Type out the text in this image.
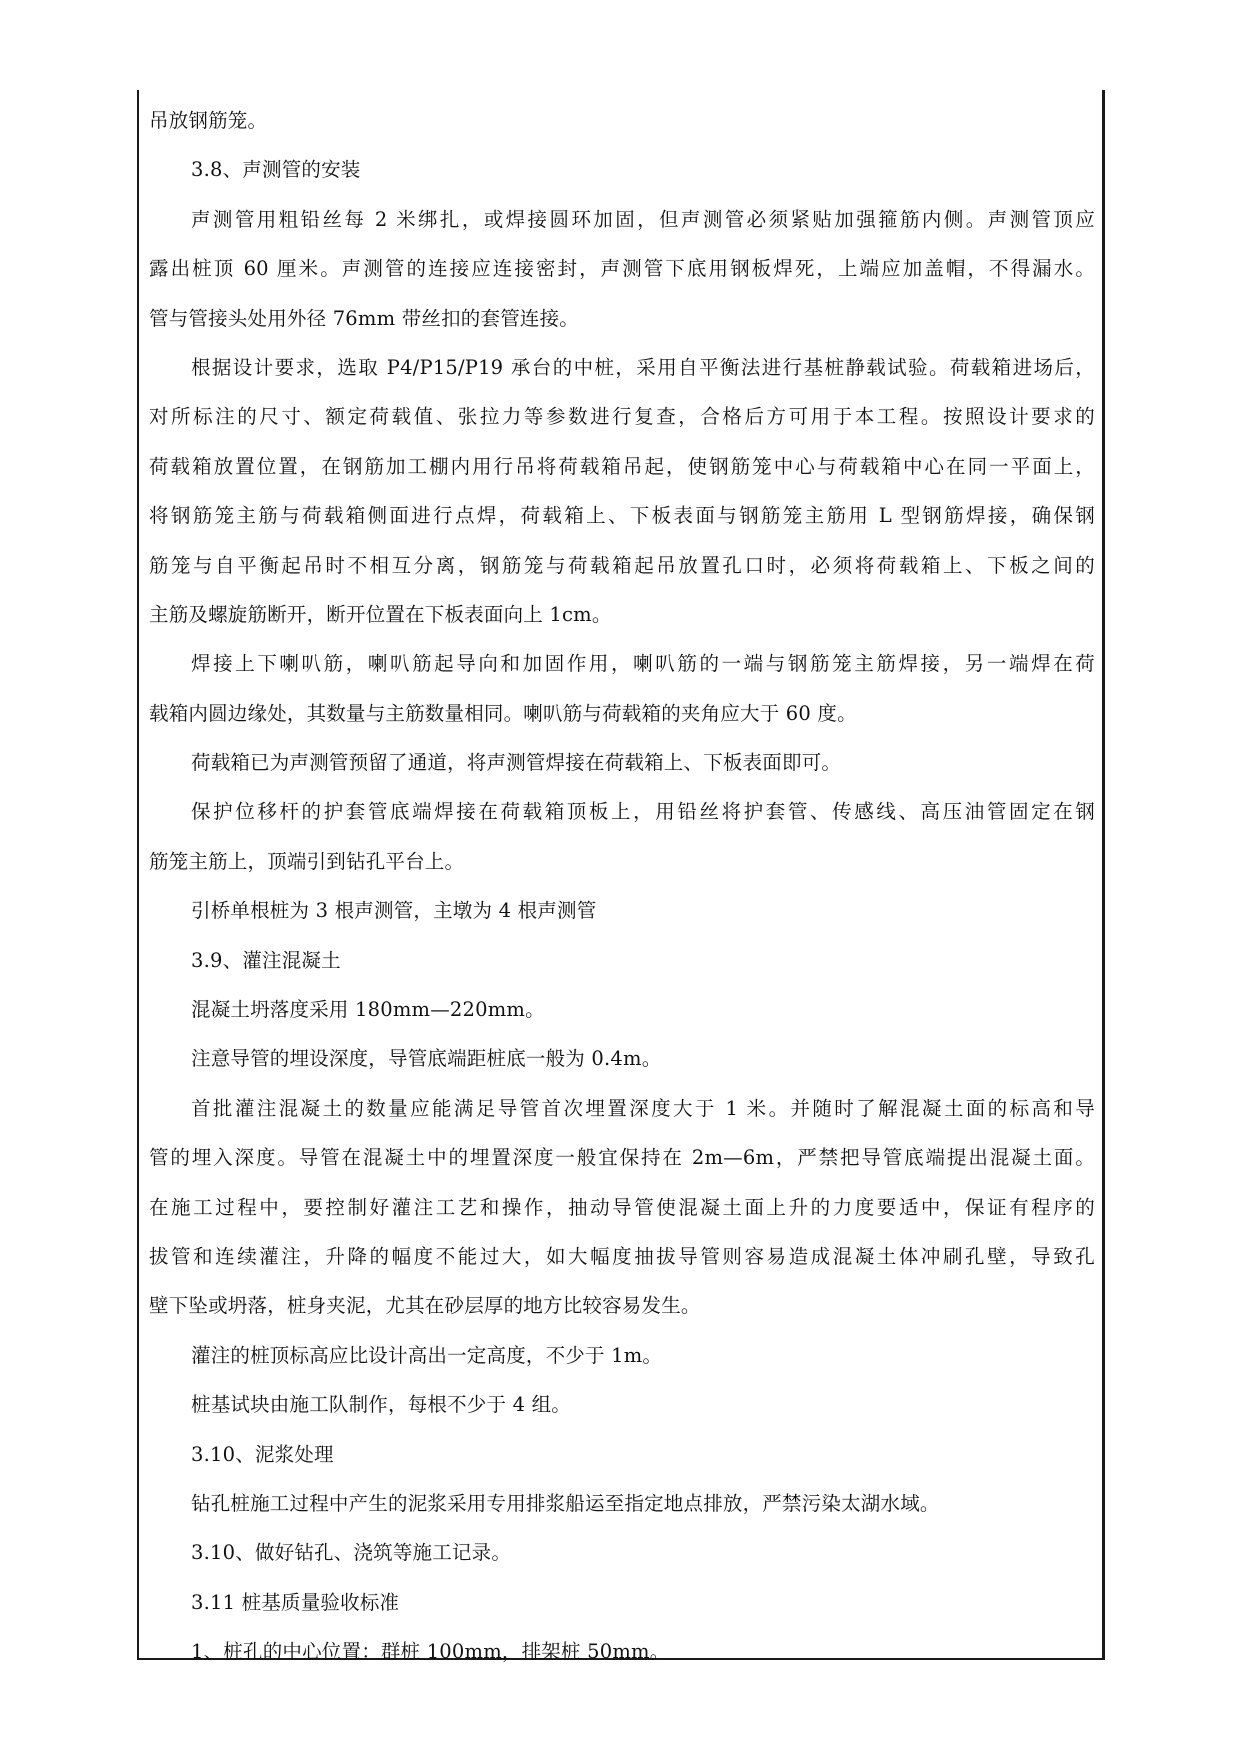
吊放钢筋笼。
3.8、声测管的安装
声测管用粗铅丝每 2 米绑扎，或焊接圆环加固，但声测管必须紧贴加强箍筋内侧。声测管顶应
露出桩顶 60 厘米。声测管的连接应连接密封，声测管下底用钢板焊死，上端应加盖帽，不得漏水。
管与管接头处用外径 76mm 带丝扣的套管连接。
根据设计要求，选取 P4/P15/P19 承台的中桩，采用自平衡法进行基桩静载试验。荷载箱进场后，
对所标注的尺寸、额定荷载值、张拉力等参数进行复查，合格后方可用于本工程。按照设计要求的
荷载箱放置位置，在钢筋加工棚内用行吊将荷载箱吊起，使钢筋笼中心与荷载箱中心在同一平面上，
将钢筋笼主筋与荷载箱侧面进行点焊，荷载箱上、下板表面与钢筋笼主筋用 L 型钢筋焊接，确保钢
筋笼与自平衡起吊时不相互分离，钢筋笼与荷载箱起吊放置孔口时，必须将荷载箱上、下板之间的
主筋及螺旋筋断开，断开位置在下板表面向上 1cm。
焊接上下喇叭筋，喇叭筋起导向和加固作用，喇叭筋的一端与钢筋笼主筋焊接，另一端焊在荷
载箱内圆边缘处，其数量与主筋数量相同。喇叭筋与荷载箱的夹角应大于 60 度。
荷载箱已为声测管预留了通道，将声测管焊接在荷载箱上、下板表面即可。
保护位移杆的护套管底端焊接在荷载箱顶板上，用铅丝将护套管、传感线、高压油管固定在钢
筋笼主筋上，顶端引到钻孔平台上。
引桥单根桩为 3 根声测管，主墩为 4 根声测管
3.9、灌注混凝土
混凝土坍落度采用 180mm—220mm。
注意导管的埋设深度，导管底端距桩底一般为 0.4m。
首批灌注混凝土的数量应能满足导管首次埋置深度大于 1 米。并随时了解混凝土面的标高和导
管的埋入深度。导管在混凝土中的埋置深度一般宜保持在 2m—6m，严禁把导管底端提出混凝土面。
在施工过程中，要控制好灌注工艺和操作，抽动导管使混凝土面上升的力度要适中，保证有程序的
拔管和连续灌注，升降的幅度不能过大，如大幅度抽拔导管则容易造成混凝土体冲刷孔壁，导致孔
壁下坠或坍落，桩身夹泥，尤其在砂层厚的地方比较容易发生。
灌注的桩顶标高应比设计高出一定高度，不少于 1m。
桩基试块由施工队制作，每根不少于 4 组。
3.10、泥浆处理
钻孔桩施工过程中产生的泥浆采用专用排浆船运至指定地点排放，严禁污染太湖水域。
3.10、做好钻孔、浇筑等施工记录。
3.11 桩基质量验收标准
1、桩孔的中心位置：群桩 100mm，排架桩 50mm。
